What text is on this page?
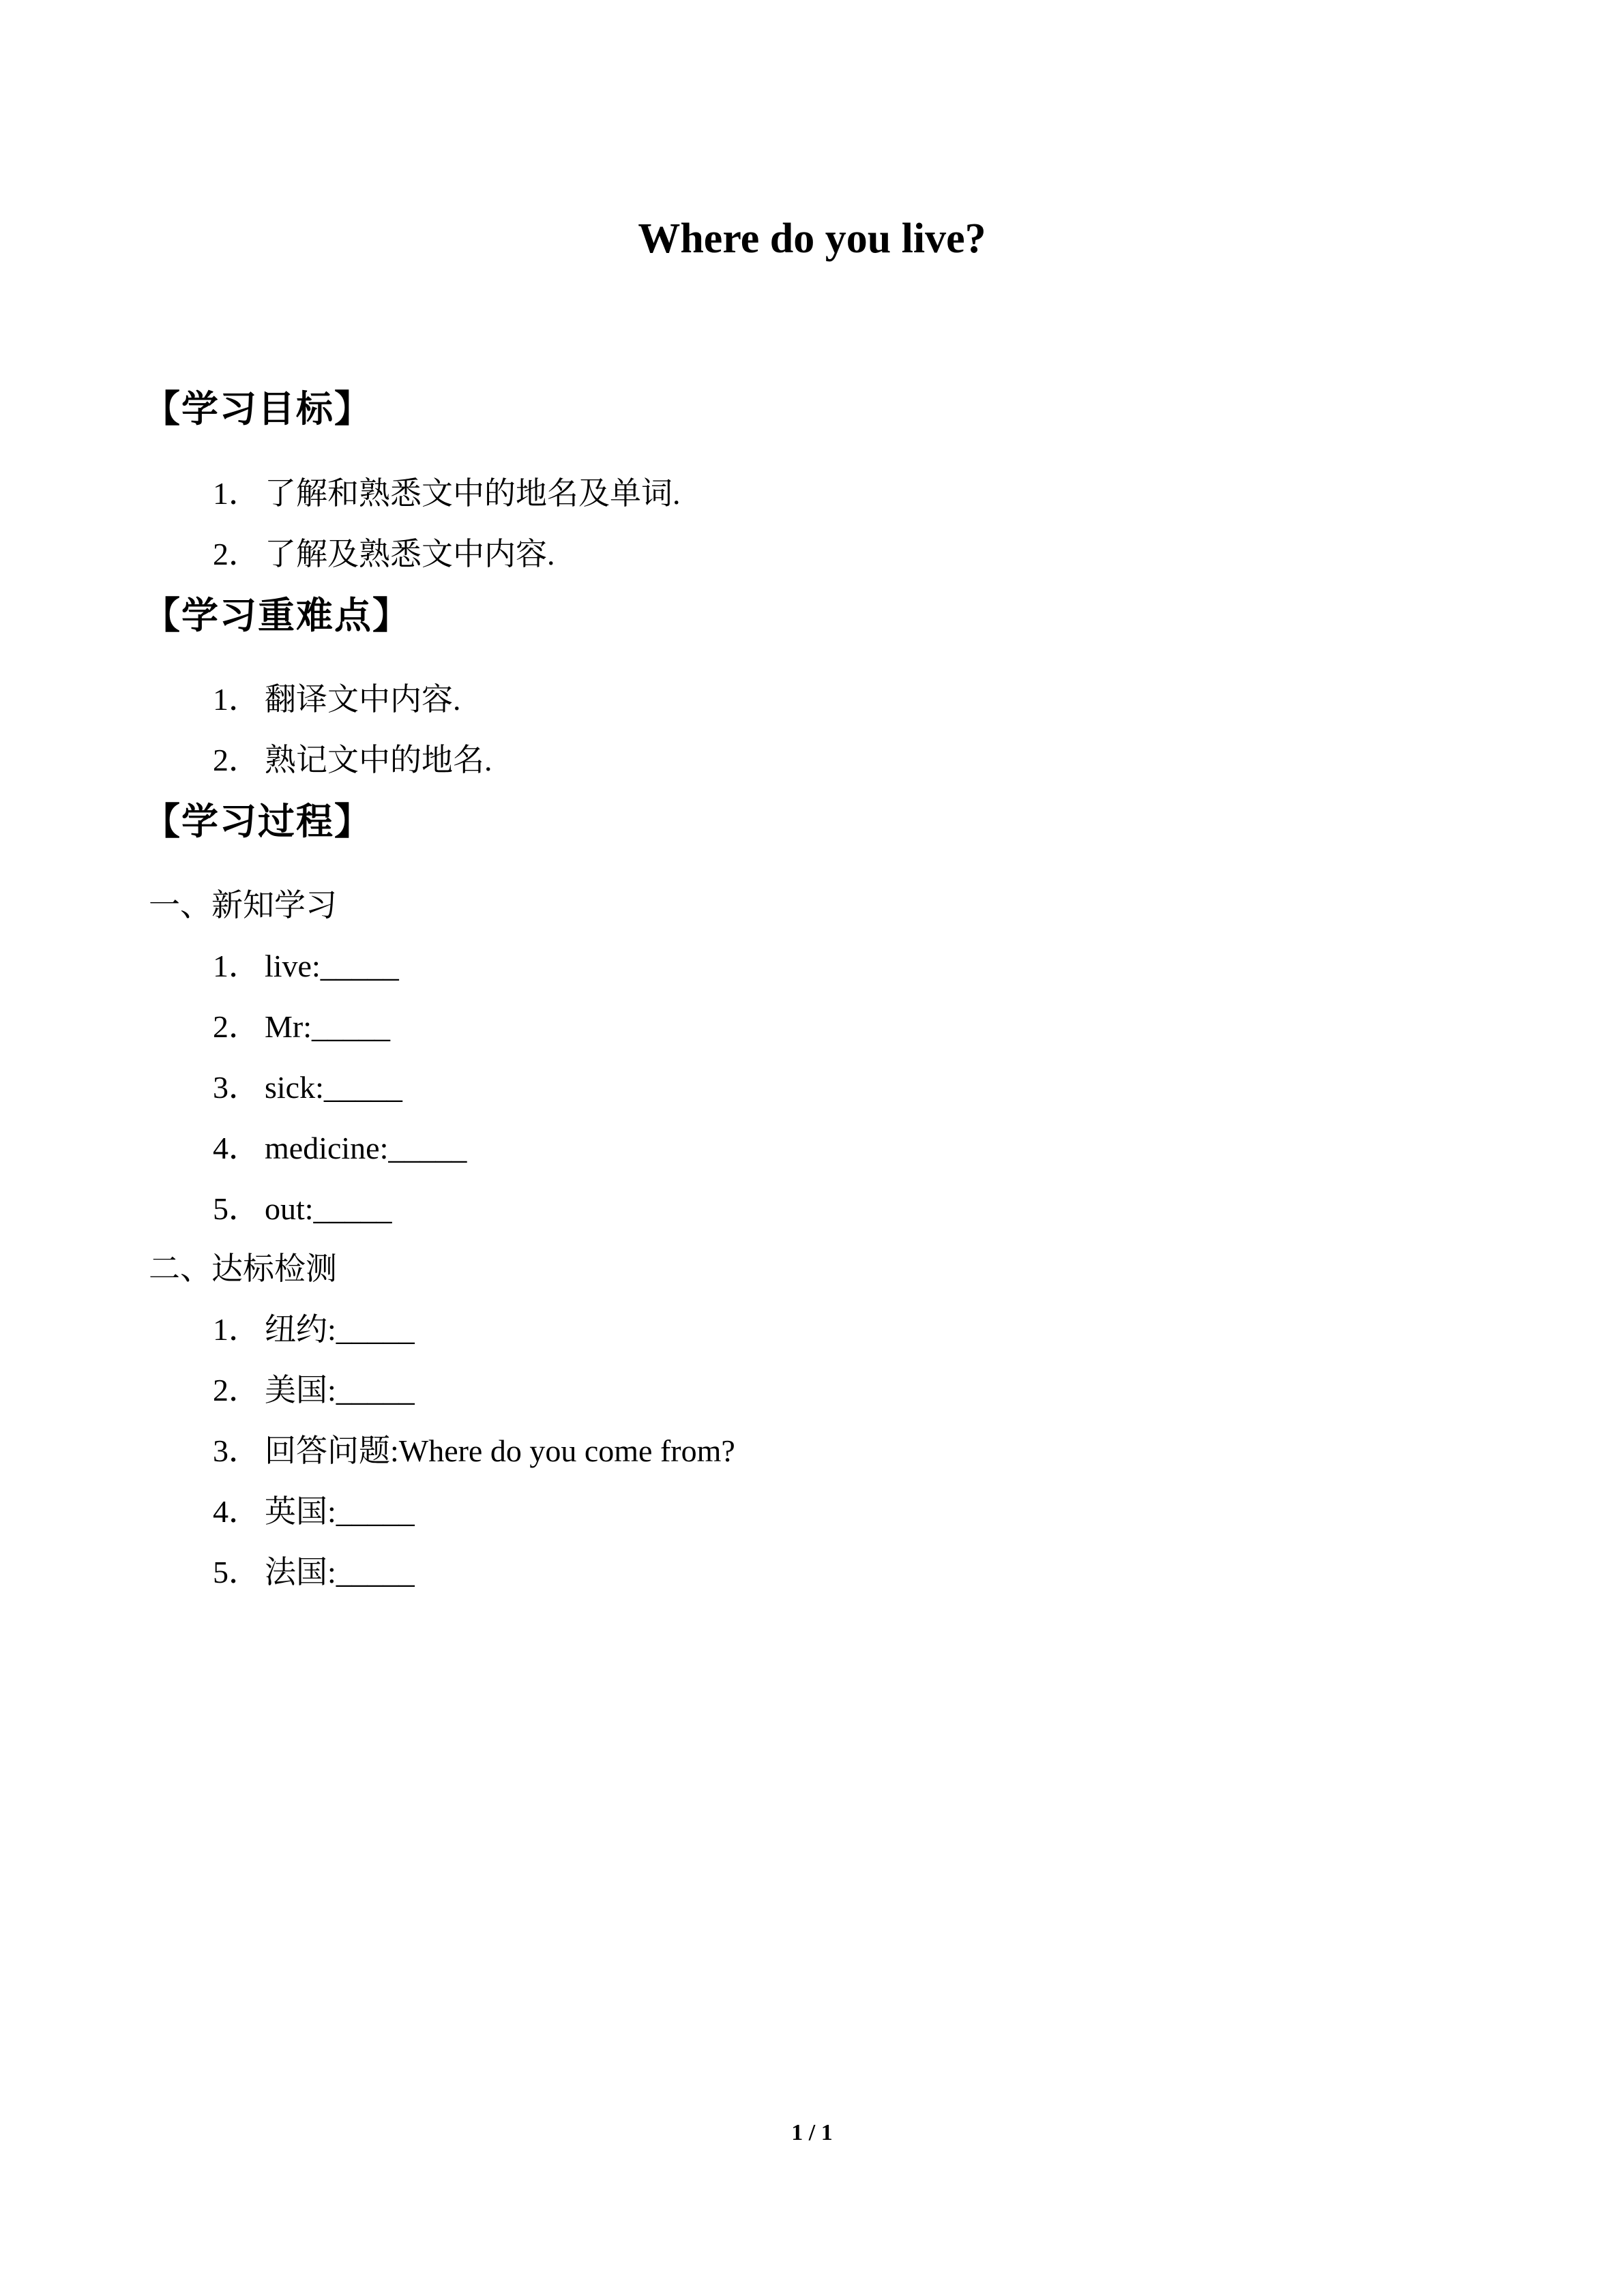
Where do you live?
【学习目标】
1． 了解和熟悉文中的地名及单词.
2． 了解及熟悉文中内容.
【学习重难点】
1． 翻译文中内容.
2． 熟记文中的地名.
【学习过程】
一、新知学习
1． live:_____
2． Mr:_____
3． sick:_____
4． medicine:_____
5． out:_____
二、达标检测
1． 纽约:_____
2． 美国:_____
3． 回答问题:Where do you come from?
4． 英国:_____
5． 法国:_____
1 / 1
